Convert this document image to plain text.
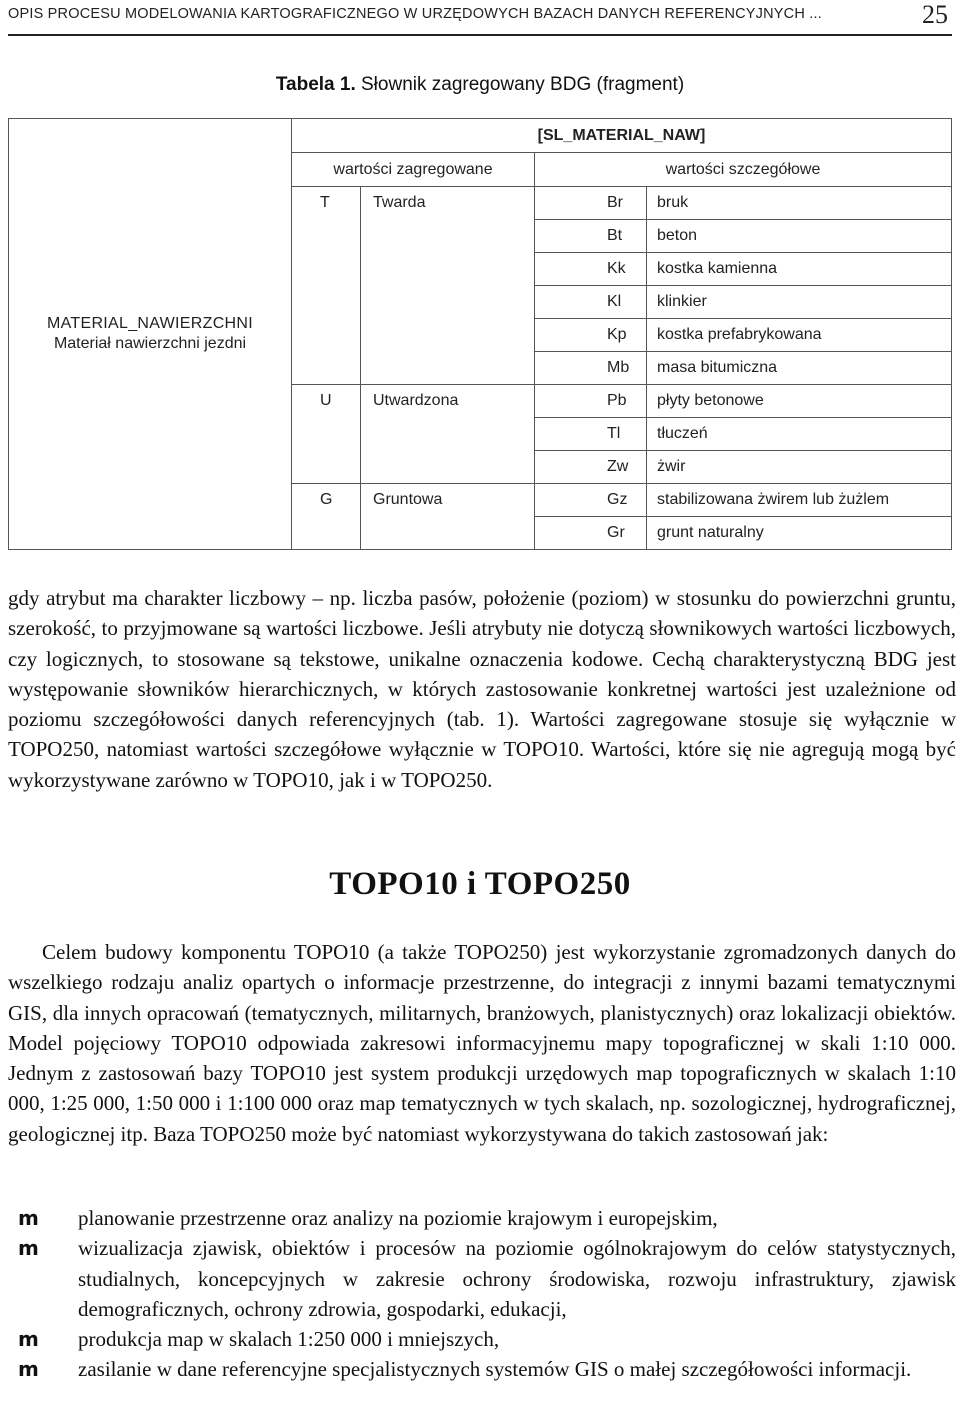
OPIS PROCESU MODELOWANIA KARTOGRAFICZNEGO W URZĘDOWYCH BAZACH DANYCH REFERENCYJNYCH ...	25
Tabela 1. Słownik zagregowany BDG (fragment)
MATERIAL_NAWIERZCHNI
Materiał nawierzchni jezdni	[SL_MATERIAL_NAW]			
	wartości zagregowane		wartości szczegółowe	
	T	Twarda	Br	bruk
			Bt	beton
			Kk	kostka kamienna
			Kl	klinkier
			Kp	kostka prefabrykowana
			Mb	masa bitumiczna
	U	Utwardzona	Pb	płyty betonowe
			Tl	tłuczeń
			Zw	żwir
	G	Gruntowa	Gz	stabilizowana żwirem lub żużlem
			Gr	grunt naturalny

gdy atrybut ma charakter liczbowy – np. liczba pasów, położenie (poziom) w stosunku do powierzchni gruntu, szerokość, to przyjmowane są wartości liczbowe. Jeśli atrybuty nie dotyczą słownikowych wartości liczbowych, czy logicznych, to stosowane są tekstowe, unikalne oznaczenia kodowe. Cechą charakterystyczną BDG jest występowanie słowników hierarchicznych, w których zastosowanie konkretnej wartości jest uzależnione od poziomu szczegółowości danych referencyjnych (tab. 1). Wartości zagregowane stosuje się wyłącznie w TOPO250, natomiast wartości szczegółowe wyłącznie w TOPO10. Wartości, które się nie agregują mogą być wykorzystywane zarówno w TOPO10, jak i w TOPO250.

TOPO10 i TOPO250

Celem budowy komponentu TOPO10 (a także TOPO250) jest wykorzystanie zgromadzonych danych do wszelkiego rodzaju analiz opartych o informacje przestrzenne, do integracji z innymi bazami tematycznymi GIS, dla innych opracowań (tematycznych, militarnych, branżowych, planistycznych) oraz lokalizacji obiektów. Model pojęciowy TOPO10 odpowiada zakresowi informacyjnemu mapy topograficznej w skali 1:10 000. Jednym z zastosowań bazy TOPO10 jest system produkcji urzędowych map topograficznych w skalach 1:10 000, 1:25 000, 1:50 000 i 1:100 000 oraz map tematycznych w tych skalach, np. sozologicznej, hydrograficznej, geologicznej itp. Baza TOPO250 może być natomiast wykorzystywana do takich zastosowań jak:

m planowanie przestrzenne oraz analizy na poziomie krajowym i europejskim,
m wizualizacja zjawisk, obiektów i procesów na poziomie ogólnokrajowym do celów statystycznych, studialnych, koncepcyjnych w zakresie ochrony środowiska, rozwoju infrastruktury, zjawisk demograficznych, ochrony zdrowia, gospodarki, edukacji,
m produkcja map w skalach 1:250 000 i mniejszych,
m zasilanie w dane referencyjne specjalistycznych systemów GIS o małej szczegółowości informacji.
